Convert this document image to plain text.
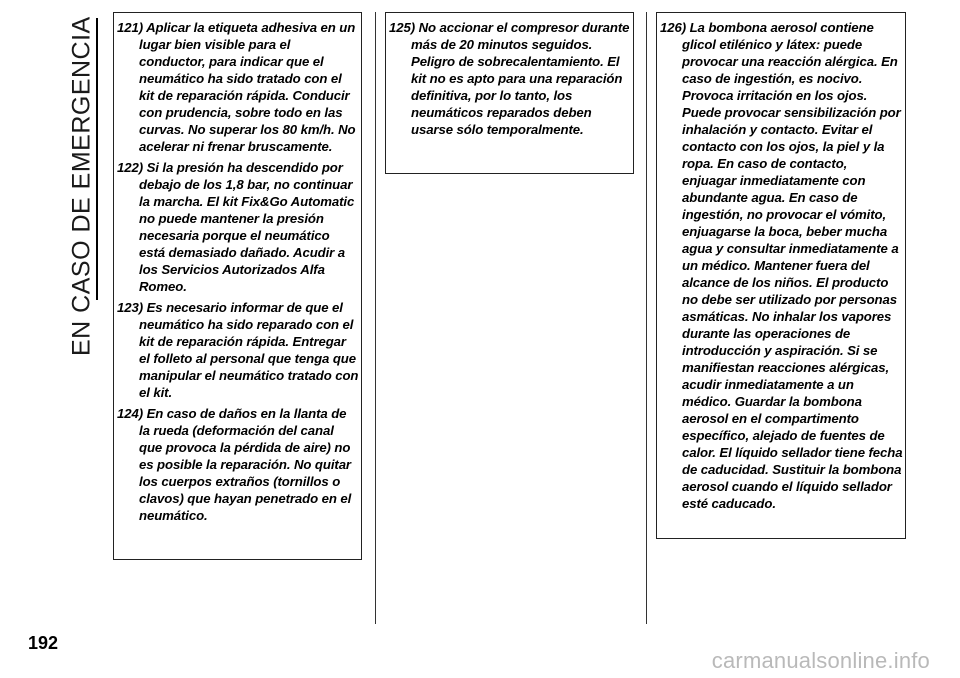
EN CASO DE EMERGENCIA	121) Aplicar la etiqueta adhesiva en un lugar bien visible para el conductor, para indicar que el neumático ha sido tratado con el kit de reparación rápida. Conducir con prudencia, sobre todo en las curvas. No superar los 80 km/h. No acelerar ni frenar bruscamente.

122) Si la presión ha descendido por debajo de los 1,8 bar, no continuar la marcha. El kit Fix&Go Automatic no puede mantener la presión necesaria porque el neumático está demasiado dañado. Acudir a los Servicios Autorizados Alfa Romeo.

123) Es necesario informar de que el neumático ha sido reparado con el kit de reparación rápida. Entregar el folleto al personal que tenga que manipular el neumático tratado con el kit.

124) En caso de daños en la llanta de la rueda (deformación del canal que provoca la pérdida de aire) no es posible la reparación. No quitar los cuerpos extraños (tornillos o clavos) que hayan penetrado en el neumático.

125) No accionar el compresor durante más de 20 minutos seguidos. Peligro de sobrecalentamiento. El kit no es apto para una reparación definitiva, por lo tanto, los neumáticos reparados deben usarse sólo temporalmente.

126) La bombona aerosol contiene glicol etilénico y látex: puede provocar una reacción alérgica. En caso de ingestión, es nocivo. Provoca irritación en los ojos. Puede provocar sensibilización por inhalación y contacto. Evitar el contacto con los ojos, la piel y la ropa. En caso de contacto, enjuagar inmediatamente con abundante agua. En caso de ingestión, no provocar el vómito, enjuagarse la boca, beber mucha agua y consultar inmediatamente a un médico. Mantener fuera del alcance de los niños. El producto no debe ser utilizado por personas asmáticas. No inhalar los vapores durante las operaciones de introducción y aspiración. Si se manifiestan reacciones alérgicas, acudir inmediatamente a un médico. Guardar la bombona aerosol en el compartimento específico, alejado de fuentes de calor. El líquido sellador tiene fecha de caducidad. Sustituir la bombona aerosol cuando el líquido sellador esté caducado.

192
carmanualsonline.info
